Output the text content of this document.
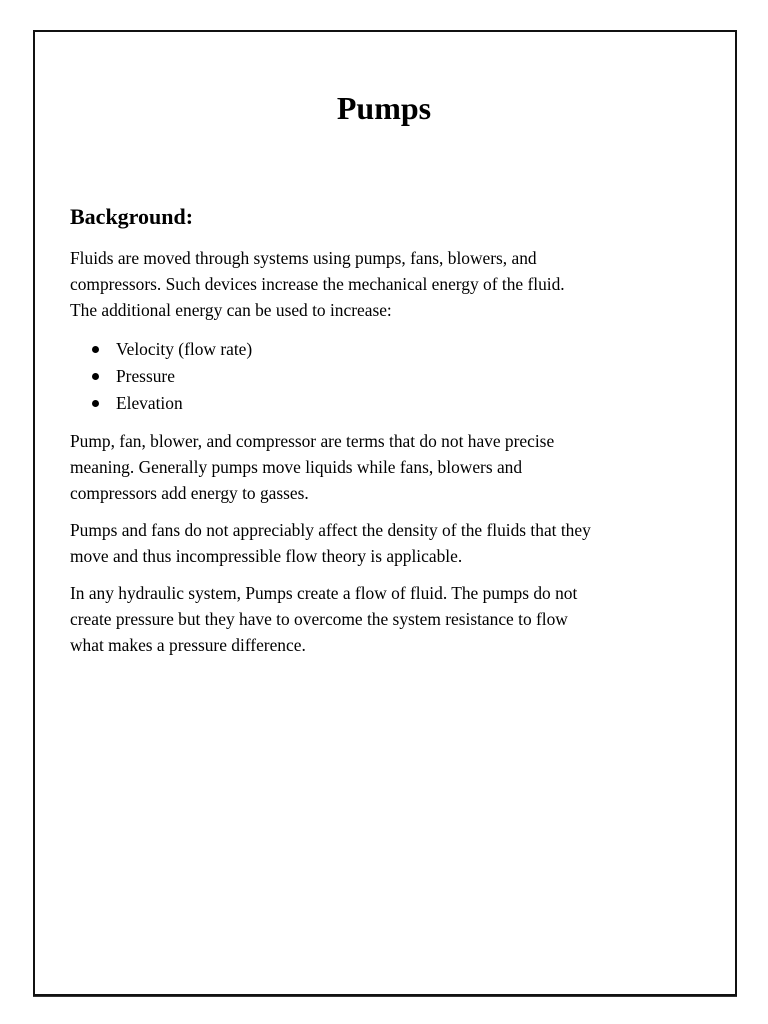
Pumps
Background:

Fluids are moved through systems using pumps, fans, blowers, and
compressors. Such devices increase the mechanical energy of the fluid.
The additional energy can be used to increase:

Velocity (flow rate)
Pressure
Elevation

Pump, fan, blower, and compressor are terms that do not have precise
meaning. Generally pumps move liquids while fans, blowers and
compressors add energy to gasses.

Pumps and fans do not appreciably affect the density of the fluids that they
move and thus incompressible flow theory is applicable.

In any hydraulic system, Pumps create a flow of fluid. The pumps do not
create pressure but they have to overcome the system resistance to flow
what makes a pressure difference.
